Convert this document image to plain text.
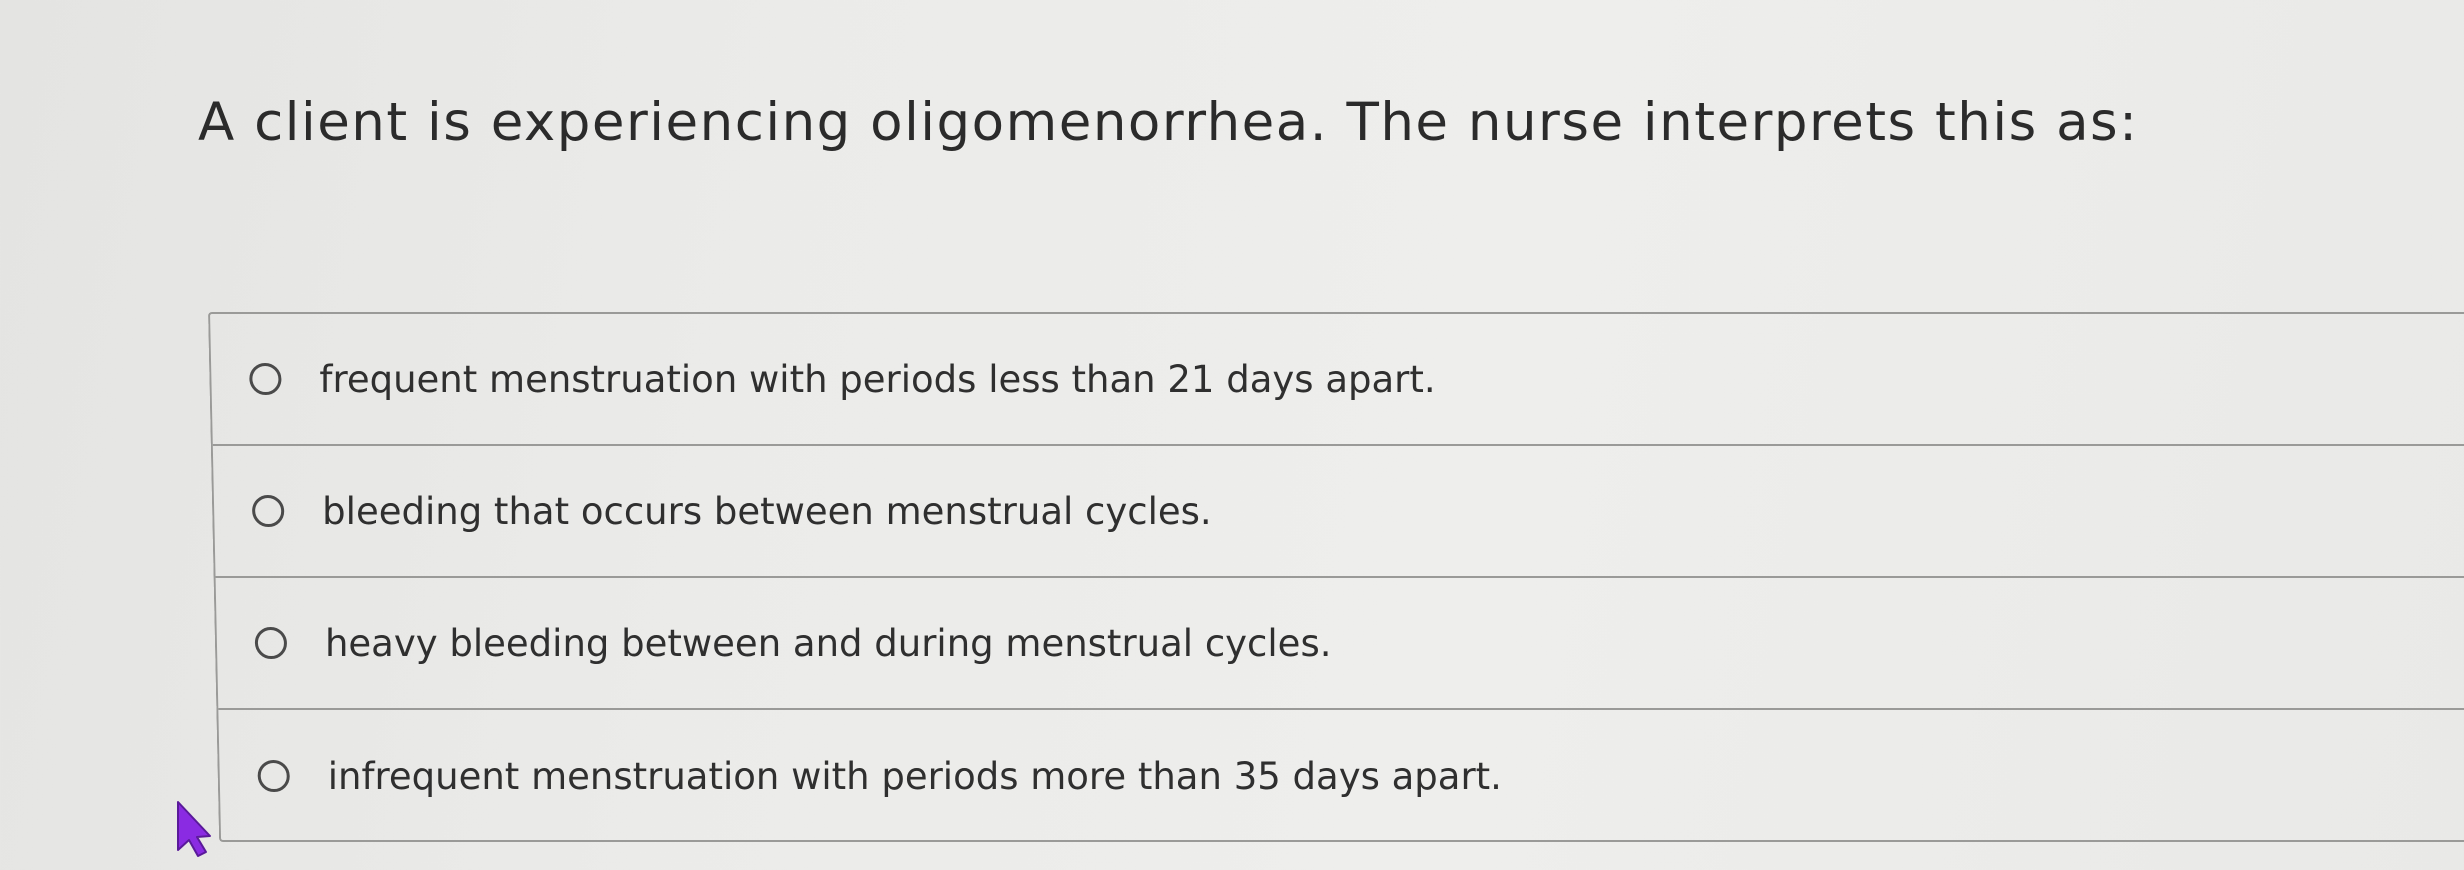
A client is experiencing oligomenorrhea. The nurse interprets this as:
frequent menstruation with periods less than 21 days apart.
bleeding that occurs between menstrual cycles.
heavy bleeding between and during menstrual cycles.
infrequent menstruation with periods more than 35 days apart.
